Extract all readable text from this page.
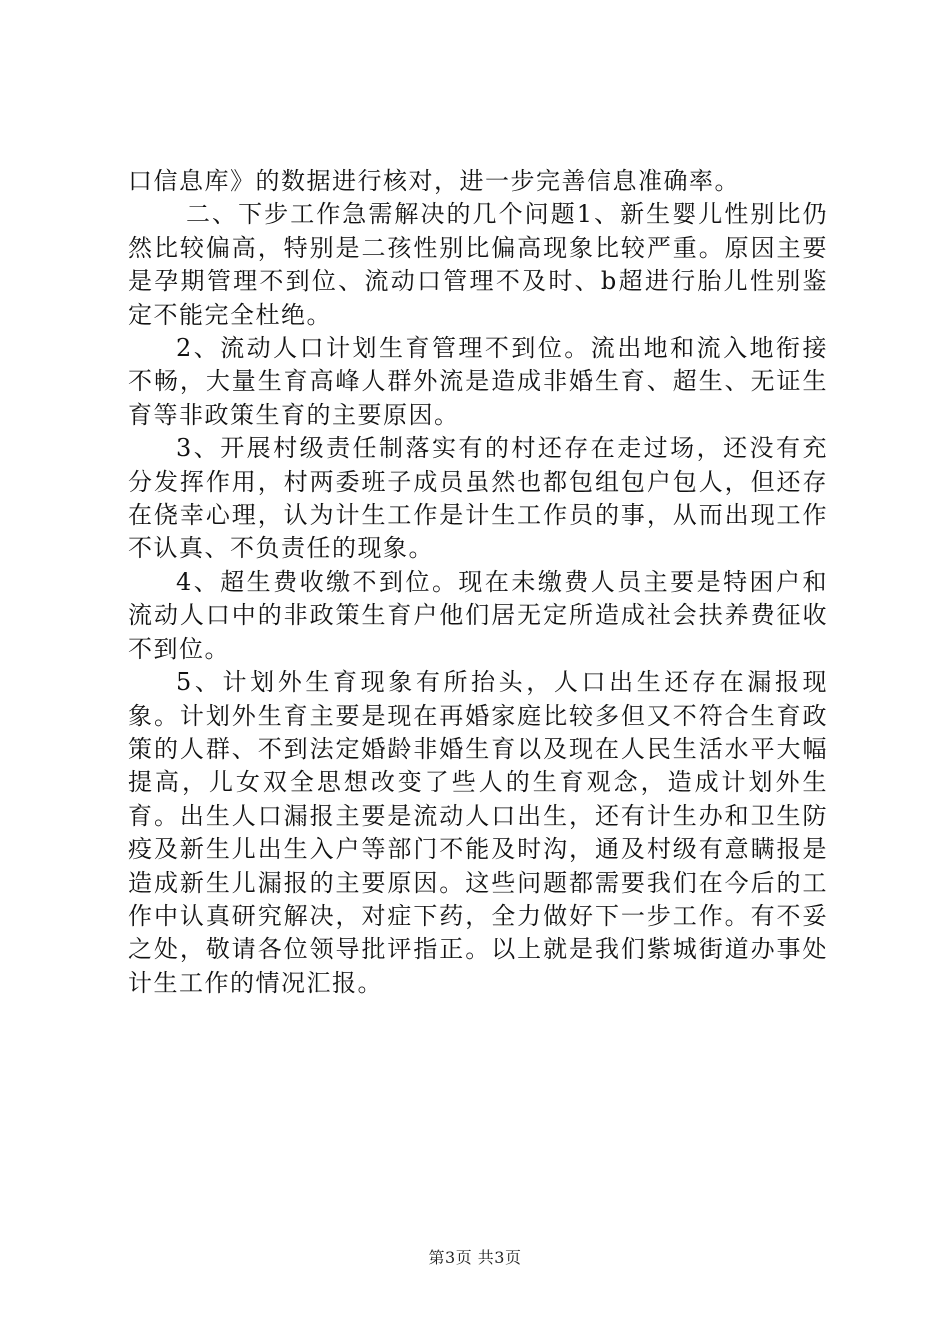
口信息库》的数据进行核对，进一步完善信息准确率。

二、下步工作急需解决的几个问题1、新生婴儿性别比仍然比较偏高，特别是二孩性别比偏高现象比较严重。原因主要是孕期管理不到位、流动口管理不及时、b超进行胎儿性别鉴定不能完全杜绝。

2、流动人口计划生育管理不到位。流出地和流入地衔接不畅，大量生育高峰人群外流是造成非婚生育、超生、无证生育等非政策生育的主要原因。

3、开展村级责任制落实有的村还存在走过场，还没有充分发挥作用，村两委班子成员虽然也都包组包户包人，但还存在侥幸心理，认为计生工作是计生工作员的事，从而出现工作不认真、不负责任的现象。

4、超生费收缴不到位。现在未缴费人员主要是特困户和流动人口中的非政策生育户他们居无定所造成社会扶养费征收不到位。

5、计划外生育现象有所抬头，人口出生还存在漏报现象。计划外生育主要是现在再婚家庭比较多但又不符合生育政策的人群、不到法定婚龄非婚生育以及现在人民生活水平大幅提高，儿女双全思想改变了些人的生育观念，造成计划外生育。出生人口漏报主要是流动人口出生，还有计生办和卫生防疫及新生儿出生入户等部门不能及时沟，通及村级有意瞒报是造成新生儿漏报的主要原因。这些问题都需要我们在今后的工作中认真研究解决，对症下药，全力做好下一步工作。有不妥之处，敬请各位领导批评指正。以上就是我们紫城街道办事处计生工作的情况汇报。

第3页 共3页
